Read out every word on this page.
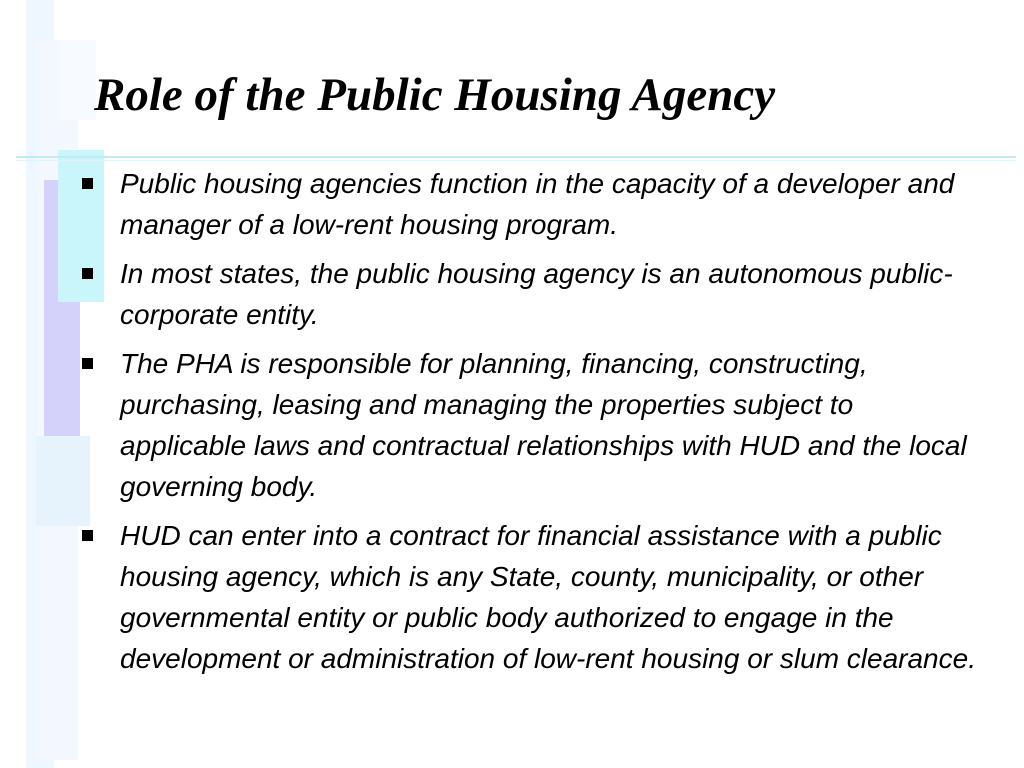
Role of the Public Housing Agency
Public housing agencies function in the capacity of a developer and manager of a low-rent housing program.
In most states, the public housing agency is an autonomous public-corporate entity.
The PHA is responsible for planning, financing, constructing, purchasing, leasing and managing the properties subject to applicable laws and contractual relationships with HUD and the local governing body.
HUD can enter into a contract for financial assistance with a public housing agency, which is any State, county, municipality, or other governmental entity or public body authorized to engage in the development or administration of low-rent housing or slum clearance.
